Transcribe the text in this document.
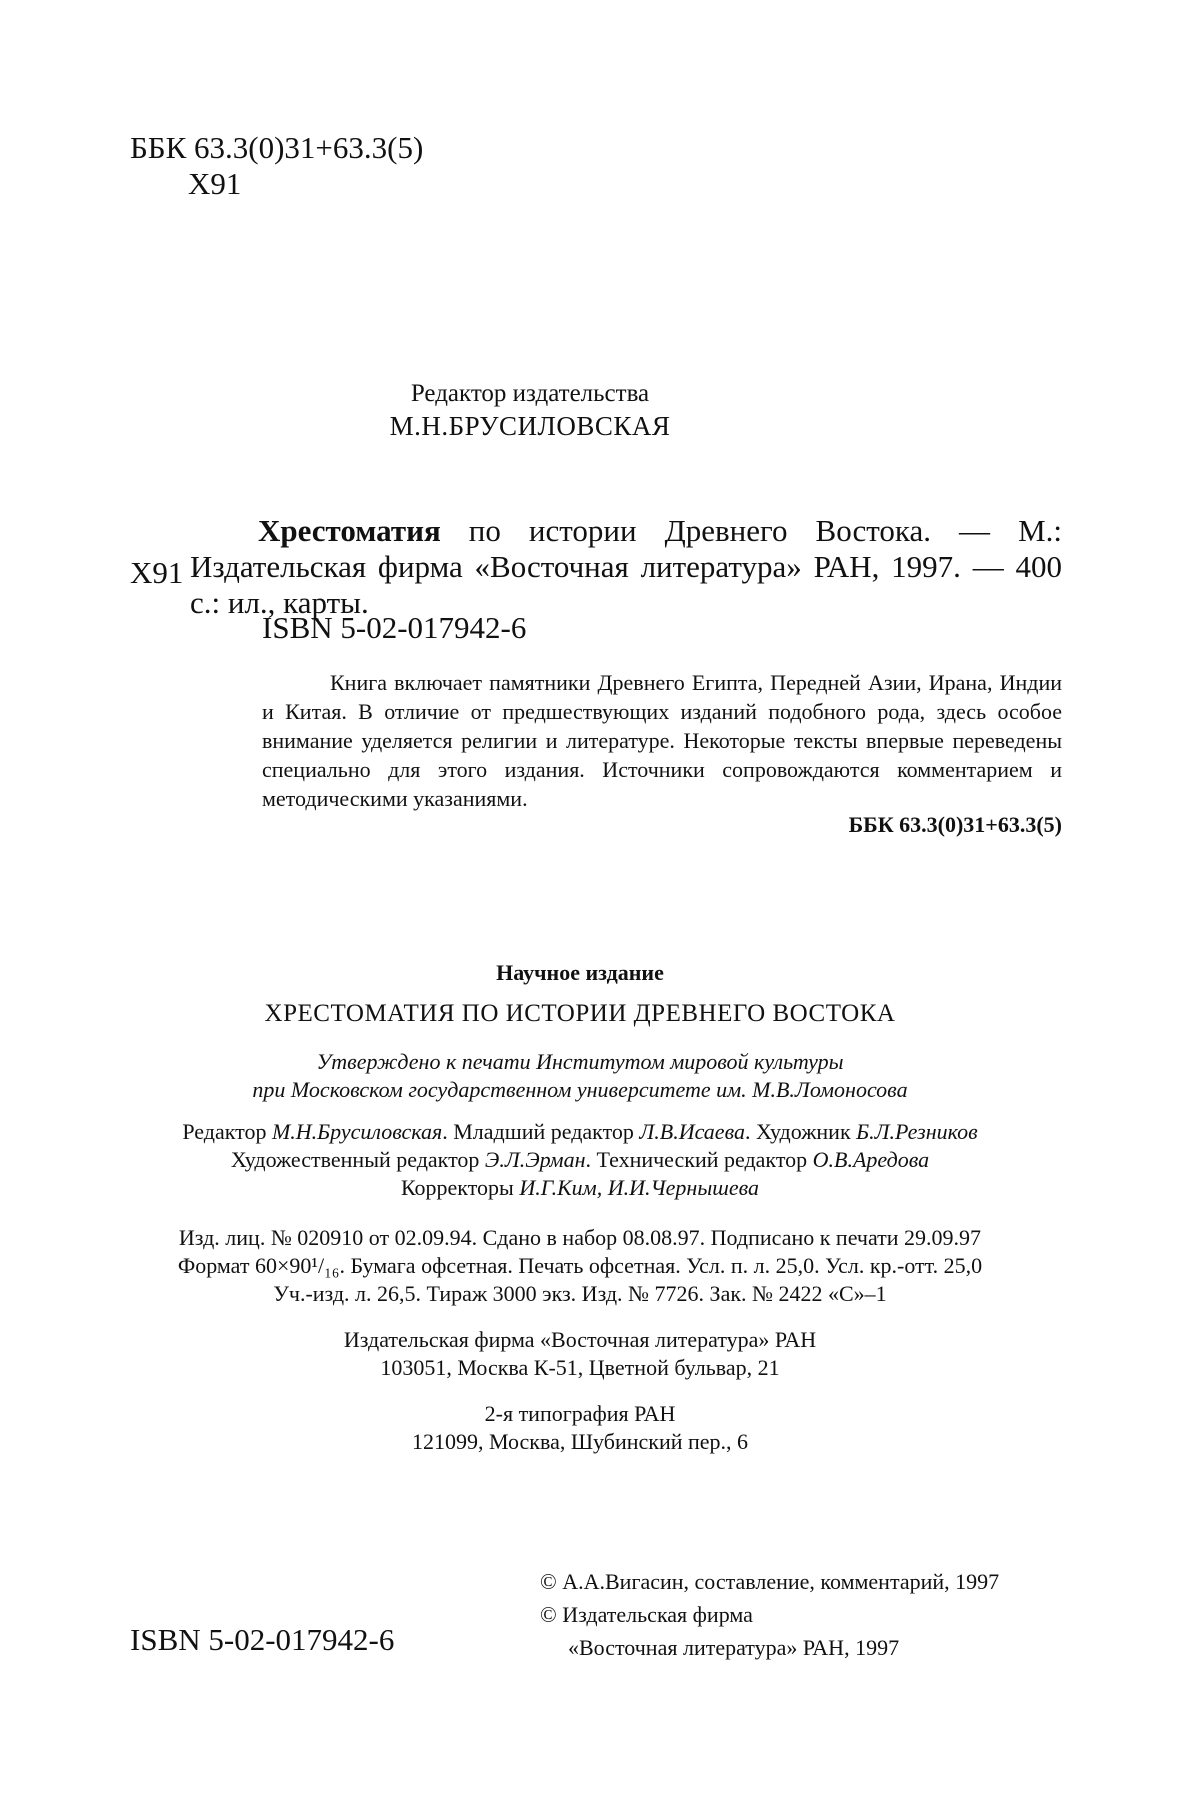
ББК 63.3(0)31+63.3(5)
Х91
Редактор издательства
М.Н.БРУСИЛОВСКАЯ
Х91
Хрестоматия по истории Древнего Востока. — М.: Издательская фирма «Восточная литература» РАН, 1997. — 400 с.: ил., карты.
ISBN 5-02-017942-6
Книга включает памятники Древнего Египта, Передней Азии, Ирана, Индии и Китая. В отличие от предшествующих изданий подобного рода, здесь особое внимание уделяется религии и литературе. Некоторые тексты впервые переведены специально для этого издания. Источники сопровождаются комментарием и методическими указаниями.
ББК 63.3(0)31+63.3(5)
Научное издание
ХРЕСТОМАТИЯ ПО ИСТОРИИ ДРЕВНЕГО ВОСТОКА
Утверждено к печати Институтом мировой культуры
при Московском государственном университете им. М.В.Ломоносова
Редактор М.Н.Брусиловская. Младший редактор Л.В.Исаева. Художник Б.Л.Резников
Художественный редактор Э.Л.Эрман. Технический редактор О.В.Аредова
Корректоры И.Г.Ким, И.И.Чернышева
Изд. лиц. № 020910 от 02.09.94. Сдано в набор 08.08.97. Подписано к печати 29.09.97
Формат 60×90¹/₁₆. Бумага офсетная. Печать офсетная. Усл. п. л. 25,0. Усл. кр.-отт. 25,0
Уч.-изд. л. 26,5. Тираж 3000 экз. Изд. № 7726. Зак. № 2422 «С»–1
Издательская фирма «Восточная литература» РАН
103051, Москва К-51, Цветной бульвар, 21
2-я типография РАН
121099, Москва, Шубинский пер., 6
ISBN 5-02-017942-6
© А.А.Вигасин, составление, комментарий, 1997
© Издательская фирма
«Восточная литература» РАН, 1997
